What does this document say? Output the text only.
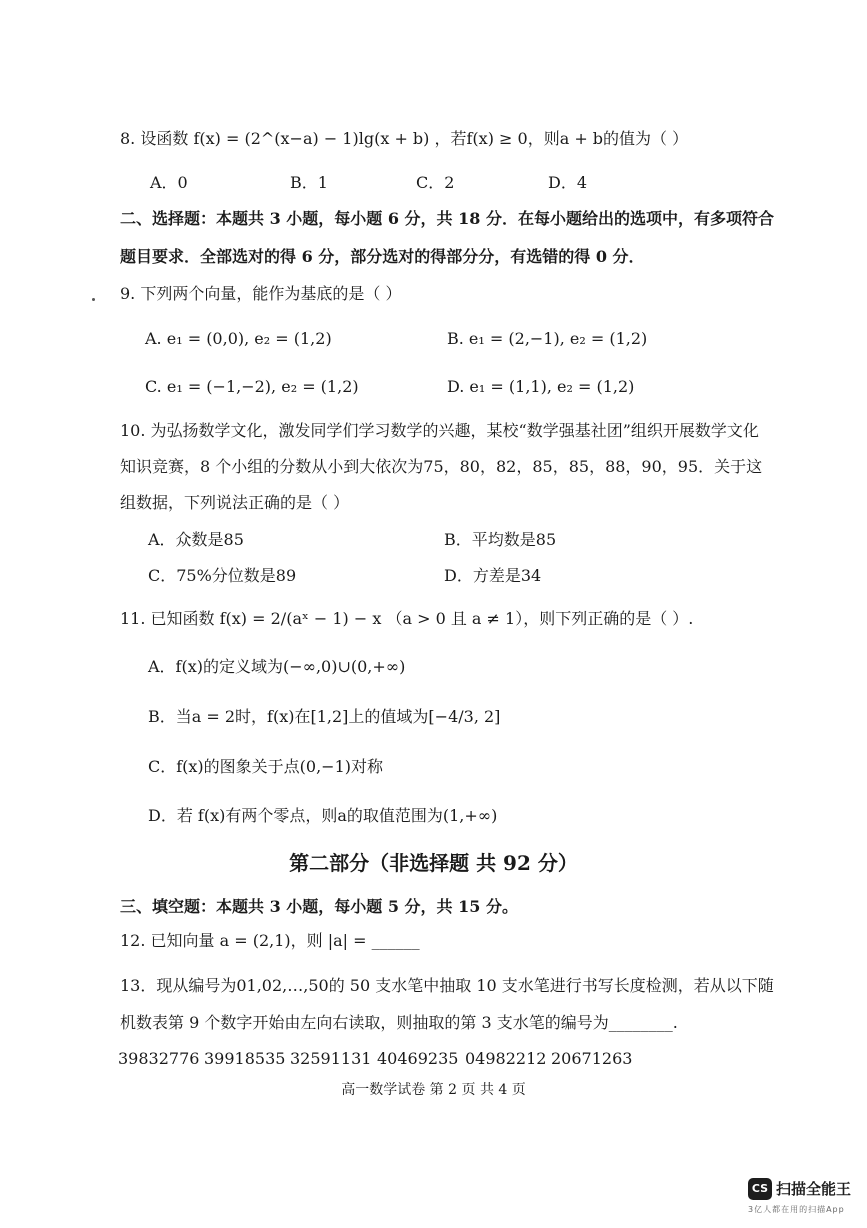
8. 设函数 f(x) = (2^(x−a) − 1)lg(x + b) ，若f(x) ≥ 0，则a + b的值为（ ）
A．0	B．1	C．2	D．4
二、选择题：本题共 3 小题，每小题 6 分，共 18 分．在每小题给出的选项中，有多项符合
题目要求．全部选对的得 6 分，部分选对的得部分分，有选错的得 0 分．
9. 下列两个向量，能作为基底的是（ ）
A. e₁ = (0,0), e₂ = (1,2)	B. e₁ = (2,−1), e₂ = (1,2)
C. e₁ = (−1,−2), e₂ = (1,2)	D. e₁ = (1,1), e₂ = (1,2)
10. 为弘扬数学文化，激发同学们学习数学的兴趣，某校“数学强基社团”组织开展数学文化
知识竞赛，8 个小组的分数从小到大依次为75，80，82，85，85，88，90，95．关于这
组数据，下列说法正确的是（ ）
A．众数是85	B．平均数是85
C．75%分位数是89	D．方差是34
11. 已知函数 f(x) = 2/(aˣ − 1) − x （a > 0 且 a ≠ 1），则下列正确的是（ ）.
A．f(x)的定义域为(−∞,0)∪(0,+∞)
B．当a = 2时，f(x)在[1,2]上的值域为[−4/3, 2]
C．f(x)的图象关于点(0,−1)对称
D．若 f(x)有两个零点，则a的取值范围为(1,+∞)
第二部分（非选择题 共 92 分）
三、填空题：本题共 3 小题，每小题 5 分，共 15 分。
12. 已知向量 a = (2,1)，则 |a| = ______
13．现从编号为01,02,…,50的 50 支水笔中抽取 10 支水笔进行书写长度检测，若从以下随
机数表第 9 个数字开始由左向右读取，则抽取的第 3 支水笔的编号为________.
39832776 39918535 32591131 40469235 04982212 20671263
高一数学试卷 第 2 页 共 4 页
CS 扫描全能王
3亿人都在用的扫描App
